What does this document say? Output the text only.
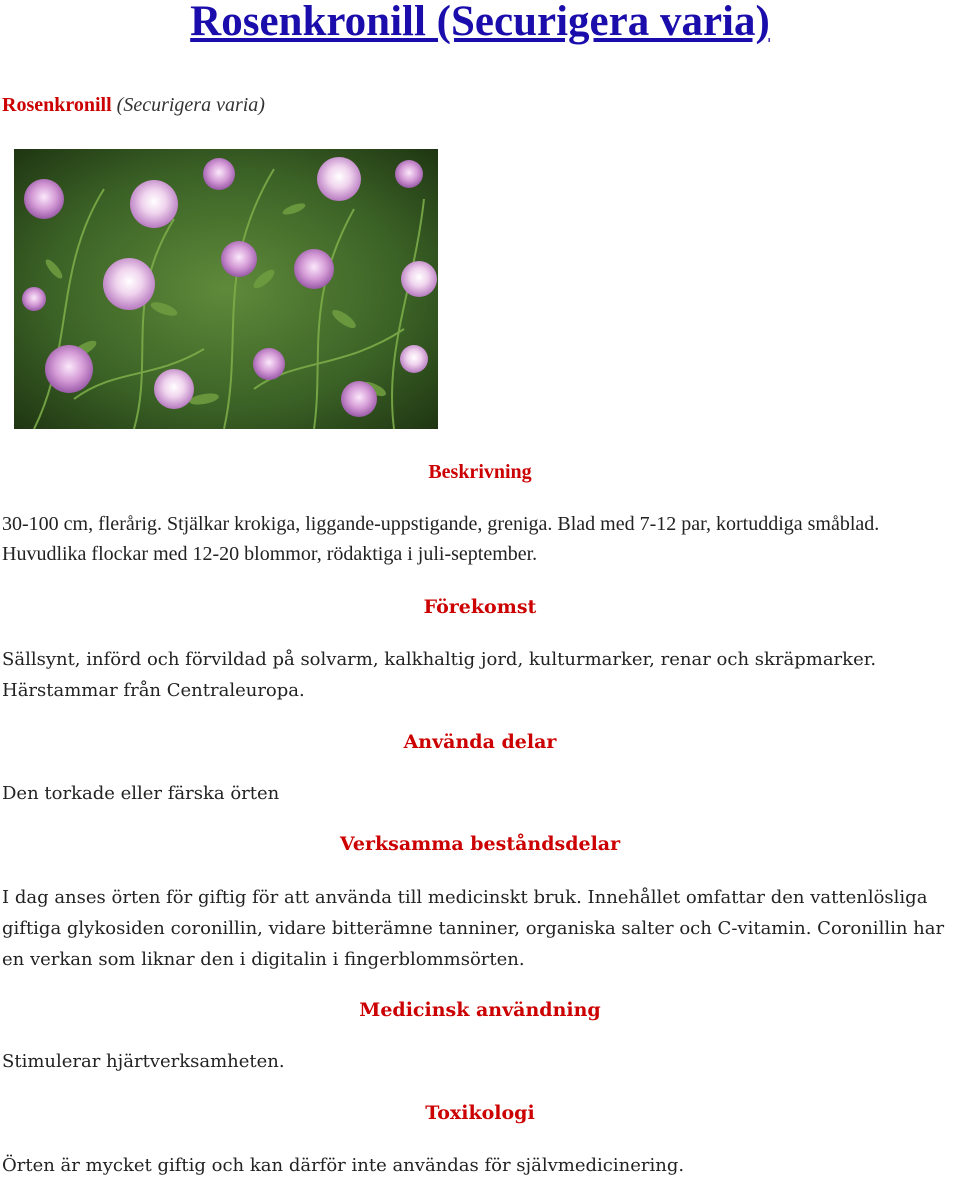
Rosenkronill (Securigera varia)

Rosenkronill (Securigera varia)

Beskrivning

30-100 cm, flerårig. Stjälkar krokiga, liggande-uppstigande, greniga. Blad med 7-12 par, kortuddiga småblad. Huvudlika flockar med 12-20 blommor, rödaktiga i juli-september.

Förekomst

Sällsynt, införd och förvildad på solvarm, kalkhaltig jord, kulturmarker, renar och skräpmarker. Härstammar från Centraleuropa.

Använda delar

Den torkade eller färska örten

Verksamma beståndsdelar

I dag anses örten för giftig för att använda till medicinskt bruk. Innehållet omfattar den vattenlösliga giftiga glykosiden coronillin, vidare bitterämne tanniner, organiska salter och C-vitamin. Coronillin har en verkan som liknar den i digitalin i fingerblommsörten.

Medicinsk användning

Stimulerar hjärtverksamheten.

Toxikologi

Örten är mycket giftig och kan därför inte användas för självmedicinering.
